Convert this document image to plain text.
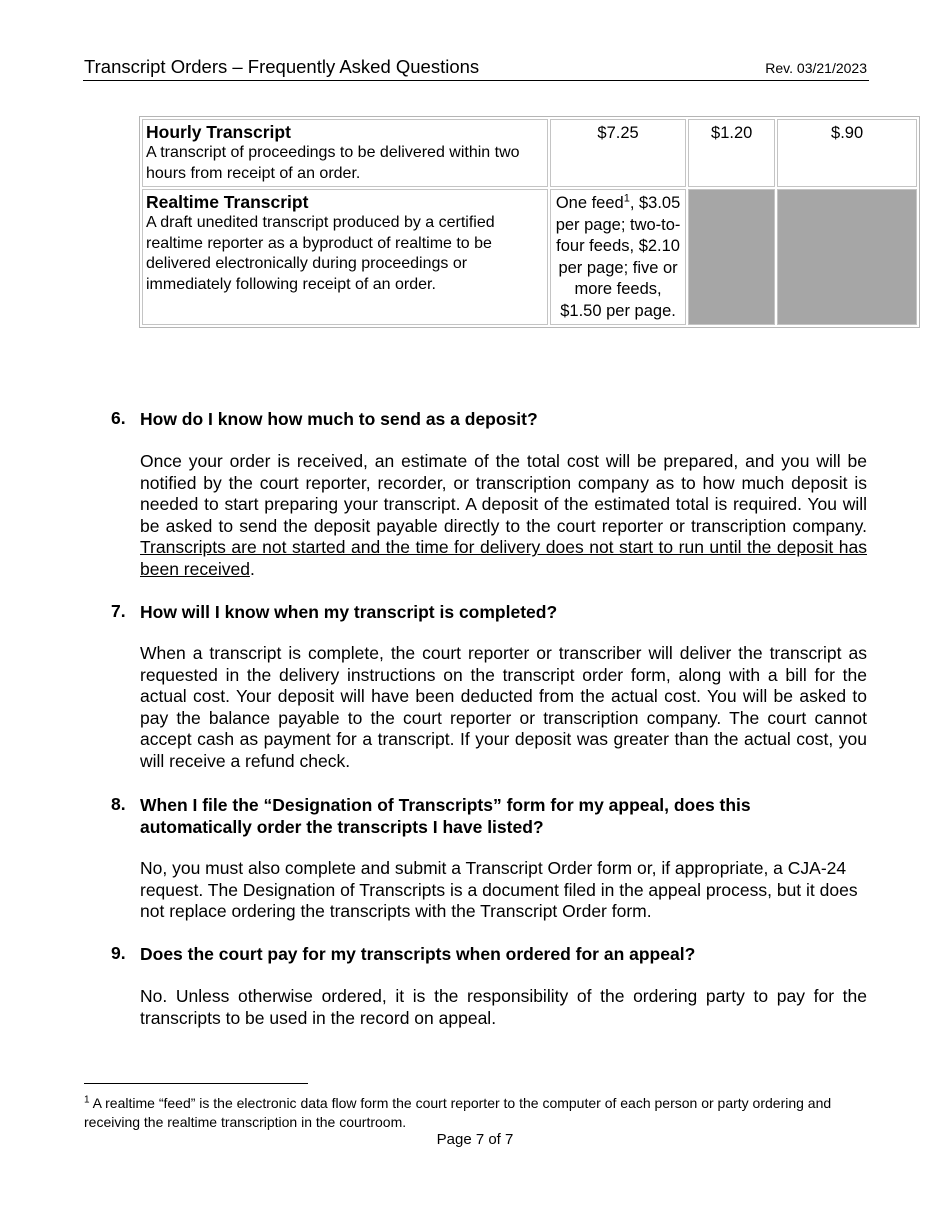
Transcript Orders – Frequently Asked Questions	Rev. 03/21/2023
Hourly Transcript
A transcript of proceedings to be delivered within two hours from receipt of an order.	$7.25	$1.20	$.90

Realtime Transcript
A draft unedited transcript produced by a certified realtime reporter as a byproduct of realtime to be delivered electronically during proceedings or immediately following receipt of an order.	One feed$^1$, $3.05 per page; two-to-four feeds, $2.10 per page; five or more feeds, $1.50 per page.		
6. How do I know how much to send as a deposit?
Once your order is received, an estimate of the total cost will be prepared, and you will be notified by the court reporter, recorder, or transcription company as to how much deposit is needed to start preparing your transcript. A deposit of the estimated total is required. You will be asked to send the deposit payable directly to the court reporter or transcription company. Transcripts are not started and the time for delivery does not start to run until the deposit has been received.
7. How will I know when my transcript is completed?
When a transcript is complete, the court reporter or transcriber will deliver the transcript as requested in the delivery instructions on the transcript order form, along with a bill for the actual cost. Your deposit will have been deducted from the actual cost. You will be asked to pay the balance payable to the court reporter or transcription company. The court cannot accept cash as payment for a transcript. If your deposit was greater than the actual cost, you will receive a refund check.
8. When I file the “Designation of Transcripts” form for my appeal, does this automatically order the transcripts I have listed?
No, you must also complete and submit a Transcript Order form or, if appropriate, a CJA-24 request. The Designation of Transcripts is a document filed in the appeal process, but it does not replace ordering the transcripts with the Transcript Order form.
9. Does the court pay for my transcripts when ordered for an appeal?
No. Unless otherwise ordered, it is the responsibility of the ordering party to pay for the transcripts to be used in the record on appeal.
$^1$ A realtime “feed” is the electronic data flow form the court reporter to the computer of each person or party ordering and receiving the realtime transcription in the courtroom.
Page 7 of 7
